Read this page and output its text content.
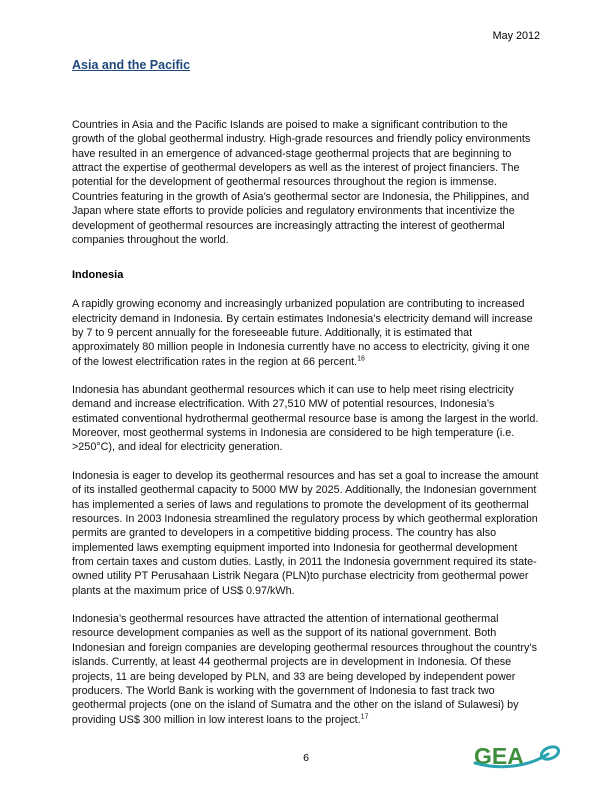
May 2012
Asia and the Pacific

Countries in Asia and the Pacific Islands are poised to make a significant contribution to the growth of the global geothermal industry. High-grade resources and friendly policy environments have resulted in an emergence of advanced-stage geothermal projects that are beginning to attract the expertise of geothermal developers as well as the interest of project financiers. The potential for the development of geothermal resources throughout the region is immense. Countries featuring in the growth of Asia’s geothermal sector are Indonesia, the Philippines, and Japan where state efforts to provide policies and regulatory environments that incentivize the development of geothermal resources are increasingly attracting the interest of geothermal companies throughout the world.

Indonesia

A rapidly growing economy and increasingly urbanized population are contributing to increased electricity demand in Indonesia. By certain estimates Indonesia’s electricity demand will increase by 7 to 9 percent annually for the foreseeable future. Additionally, it is estimated that approximately 80 million people in Indonesia currently have no access to electricity, giving it one of the lowest electrification rates in the region at 66 percent.$^{16}$

Indonesia has abundant geothermal resources which it can use to help meet rising electricity demand and increase electrification. With 27,510 MW of potential resources, Indonesia’s estimated conventional hydrothermal geothermal resource base is among the largest in the world. Moreover, most geothermal systems in Indonesia are considered to be high temperature (i.e. >250°C), and ideal for electricity generation.

Indonesia is eager to develop its geothermal resources and has set a goal to increase the amount of its installed geothermal capacity to 5000 MW by 2025. Additionally, the Indonesian government has implemented a series of laws and regulations to promote the development of its geothermal resources. In 2003 Indonesia streamlined the regulatory process by which geothermal exploration permits are granted to developers in a competitive bidding process. The country has also implemented laws exempting equipment imported into Indonesia for geothermal development from certain taxes and custom duties. Lastly, in 2011 the Indonesia government required its state-owned utility PT Perusahaan Listrik Negara (PLN)to purchase electricity from geothermal power plants at the maximum price of US$ 0.97/kWh.

Indonesia’s geothermal resources have attracted the attention of international geothermal resource development companies as well as the support of its national government. Both Indonesian and foreign companies are developing geothermal resources throughout the country’s islands. Currently, at least 44 geothermal projects are in development in Indonesia. Of these projects, 11 are being developed by PLN, and 33 are being developed by independent power producers. The World Bank is working with the government of Indonesia to fast track two geothermal projects (one on the island of Sumatra and the other on the island of Sulawesi) by providing US$ 300 million in low interest loans to the project.$^{17}$

6	GEA
